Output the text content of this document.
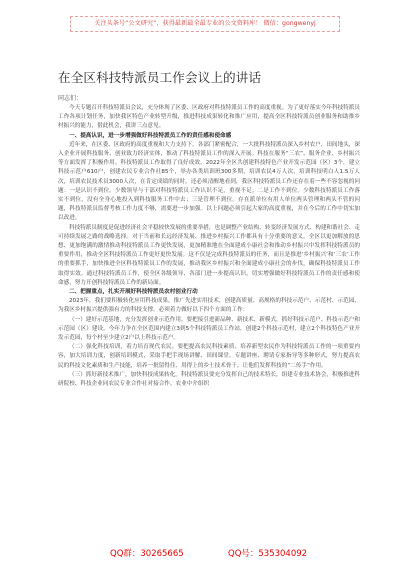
关注头条号“公文研究”，获得最新最全最专业的公文资料库！ 微信：gongwenyj
在全区科技特派员工作会议上的讲话
同志们：

今天专题召开科技特派员会议，充分体现了区委、区政府对科技特派员工作的高度重视。为了更好落实今年科技特派员工作各项计划任务，加快我区特色产业转型升级，推进科技成果转化和推广应用，提高全区科技特派员创业服务和助推乡村振兴的能力，借此机会，我讲三点意见。

一、提高认识，进一步增强做好科技特派员工作的责任感和使命感

近年来，在区委、区政府的高度重视和大力支持下，各部门紧密配合，一大批科技特派员深入乡村农户，田间地头，深入企业开展科技服务、创业致力经济实体，推动了科技特派员工作的深入开展。科技在服务“三农”、服务企业、乡村振兴等方面发挥了积极作用。科技特派员工作取得了良好成效。2022年全区共创建科技特色产业开发示范园（区）3个，建立科技示范户610户，创建农民专业合作社85个，举办各类培训班300多期，培训农民4万人次，培训科技明白人1.5万人次，培训农民技术员3000人次，在肯定成绩的同时，还必须清醒地看到，我区科技特派员工作还存在着一些不容忽视的问题：一是认识不到位。少数领导与干部对科技特派员工作认识不足，重视不足；二是工作不到位。少数科技特派员工作落实不到位，没有全身心地投入到科技服务工作中去；三是管理不到位。存在派单位有用人单位两头管理和两头不管的问题，科技特派员监督考核工作力度不够，需要进一步加强。以上问题必须引起大家的高度重视，并在今后的工作中切实加以改进。

科技特派员制度是促进经济社会平稳较快发展的重要举措，也是调整产业结构、转变经济发展方式、构建和谐社会、走可持续发展之路的战略选择。对于当前和长远经济发展、推进乡村振兴工作都具有十分重要的意义。全区以更加解放的思想、更加饱满的激情推动科技特派员工作更快发展，更加精准地在全面建成小康社会和推动乡村振兴中发挥科技特派员的重要作用，推动全区科技特派员工作更好更快发展。这不仅是完成科技特派员的任务，而且是推进‘乡村振兴’和‘三农’工作的重要抓手，加快推进全区科技特派员工作的发展，推动我区乡村振兴和全面建成小康社会的步伐，确保科技特派员工作取得实效。通过科技特派员工作，使全区各级领导、各部门进一步提高认识，切实增强做好科技特派员工作的责任感和使命感，努力开创科技特派员工作的新局面。

二、把握重点，扎实开展好科技特派员农村创业行动

2023年，我们要积极转化应用科技成果，推广先进实用技术，创建高质量、高规格的科技示范户、示范村、示范园，为我区乡村振兴提供强有力的科技支撑。必须着力做好以下四个方面的工作：

（一）建好示范基地，充分发挥创业示范作用。要把接引进新品种、新技术、新模式，抓好科技示范户、科技示范户和示范园（区）建设。今年力争在全区范围内建立3到5个科技特派员工作站，创建2个科技示范村，建立2个科技特色产业开发示范园，每个村至少建立2户以上科技示范户。

（二）强化科技培训，着力培育现代农民。要把提高农民科技素质、培养新型农民作为科技特派员工作的一项重要内容，加大培训力度，创新培训模式，采取手把手现场讲解、田间课堂、专题讲座、聘请专家指导等多种形式，努力提高农民的科技文化素质和生产技能，培养一批留得住、用得上的乡土技术骨干，让他们发挥科技的“二传手”作用。

（三）抓好新技术推广，加快科技成果转化。科技特派员要充分发挥自己的技术特长，组建专业技术协会，积极推进科研院校、科技企业同农民专业合作社对接合作。农业中介组织

QQ群：30265665	QQ号：535304092
